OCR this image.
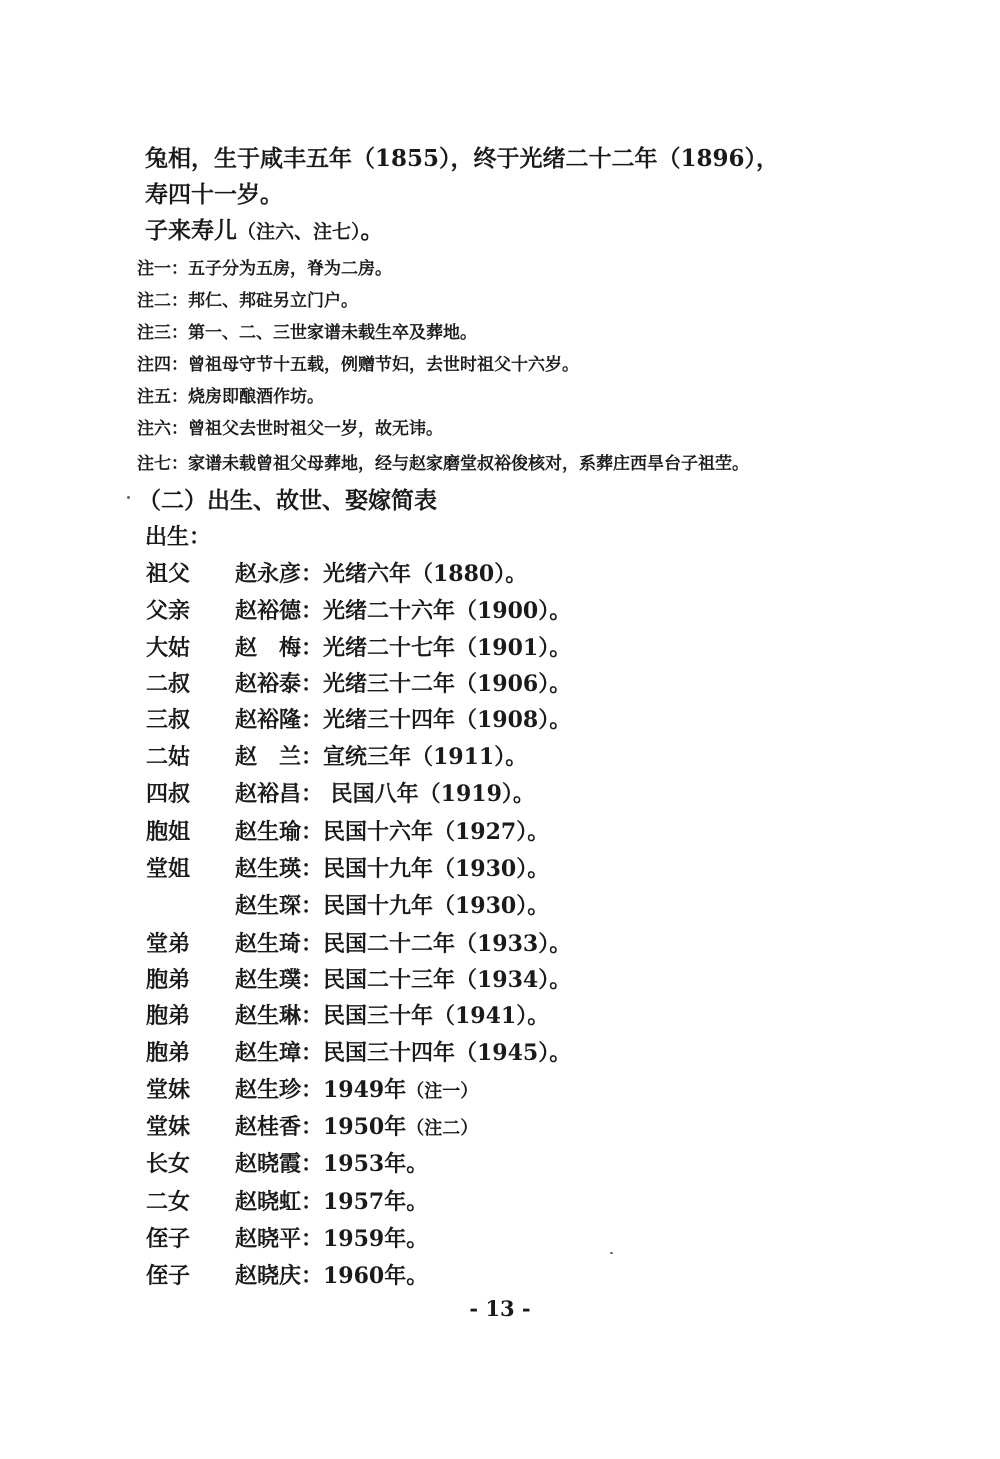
兔相，生于咸丰五年（1855），终于光绪二十二年（1896），
寿四十一岁。
子来寿儿（注六、注七）。
注一：五子分为五房，脊为二房。
注二：邦仁、邦砫另立门户。
注三：第一、二、三世家谱未载生卒及葬地。
注四：曾祖母守节十五载，例赠节妇，去世时祖父十六岁。
注五：烧房即酿酒作坊。
注六：曾祖父去世时祖父一岁，故无讳。
注七：家谱未载曾祖父母葬地，经与赵家磨堂叔裕俊核对，系葬庄西旱台子祖茔。
（二）出生、故世、娶嫁简表
出生：
祖父 赵永彦：光绪六年（1880）。
父亲 赵裕德：光绪二十六年（1900）。
大姑 赵　梅：光绪二十七年（1901）。
二叔 赵裕泰：光绪三十二年（1906）。
三叔 赵裕隆：光绪三十四年（1908）。
二姑 赵　兰：宣统三年（1911）。
四叔 赵裕昌： 民国八年（1919）。
胞姐 赵生瑜：民国十六年（1927）。
堂姐 赵生瑛：民国十九年（1930）。
赵生琛：民国十九年（1930）。
堂弟 赵生琦：民国二十二年（1933）。
胞弟 赵生璞：民国二十三年（1934）。
胞弟 赵生琳：民国三十年（1941）。
胞弟 赵生璋：民国三十四年（1945）。
堂妹 赵生珍：1949年（注一）
堂妹 赵桂香：1950年（注二）
长女 赵晓霞：1953年。
二女 赵晓虹：1957年。
侄子 赵晓平：1959年。
侄子 赵晓庆：1960年。
- 13 -
